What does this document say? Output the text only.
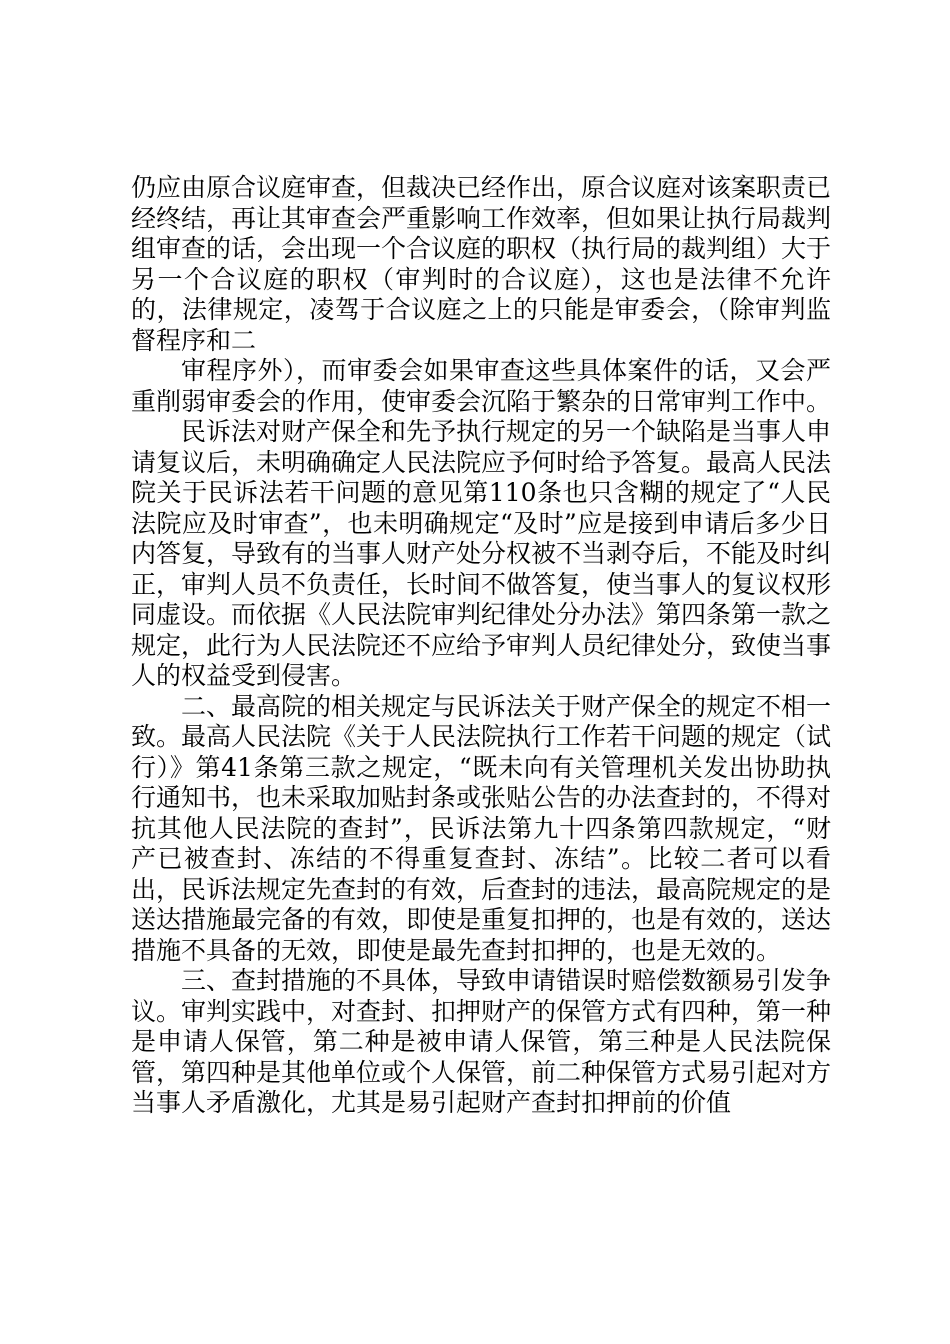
仍应由原合议庭审查，但裁决已经作出，原合议庭对该案职责已经终结，再让其审查会严重影响工作效率，但如果让执行局裁判组审查的话，会出现一个合议庭的职权（执行局的裁判组）大于另一个合议庭的职权（审判时的合议庭），这也是法律不允许的，法律规定，凌驾于合议庭之上的只能是审委会，（除审判监督程序和二

审程序外），而审委会如果审查这些具体案件的话，又会严重削弱审委会的作用，使审委会沉陷于繁杂的日常审判工作中。

民诉法对财产保全和先予执行规定的另一个缺陷是当事人申请复议后，未明确确定人民法院应予何时给予答复。最高人民法院关于民诉法若干问题的意见第110条也只含糊的规定了“人民法院应及时审查”，也未明确规定“及时”应是接到申请后多少日内答复，导致有的当事人财产处分权被不当剥夺后，不能及时纠正，审判人员不负责任，长时间不做答复，使当事人的复议权形同虚设。而依据《人民法院审判纪律处分办法》第四条第一款之规定，此行为人民法院还不应给予审判人员纪律处分，致使当事人的权益受到侵害。

二、最高院的相关规定与民诉法关于财产保全的规定不相一致。最高人民法院《关于人民法院执行工作若干问题的规定（试行）》第41条第三款之规定，“既未向有关管理机关发出协助执行通知书，也未采取加贴封条或张贴公告的办法查封的，不得对抗其他人民法院的查封”，民诉法第九十四条第四款规定，“财产已被查封、冻结的不得重复查封、冻结”。比较二者可以看出，民诉法规定先查封的有效，后查封的违法，最高院规定的是送达措施最完备的有效，即使是重复扣押的，也是有效的，送达措施不具备的无效，即使是最先查封扣押的，也是无效的。

三、查封措施的不具体，导致申请错误时赔偿数额易引发争议。审判实践中，对查封、扣押财产的保管方式有四种，第一种是申请人保管，第二种是被申请人保管，第三种是人民法院保管，第四种是其他单位或个人保管，前二种保管方式易引起对方当事人矛盾激化，尤其是易引起财产查封扣押前的价值
